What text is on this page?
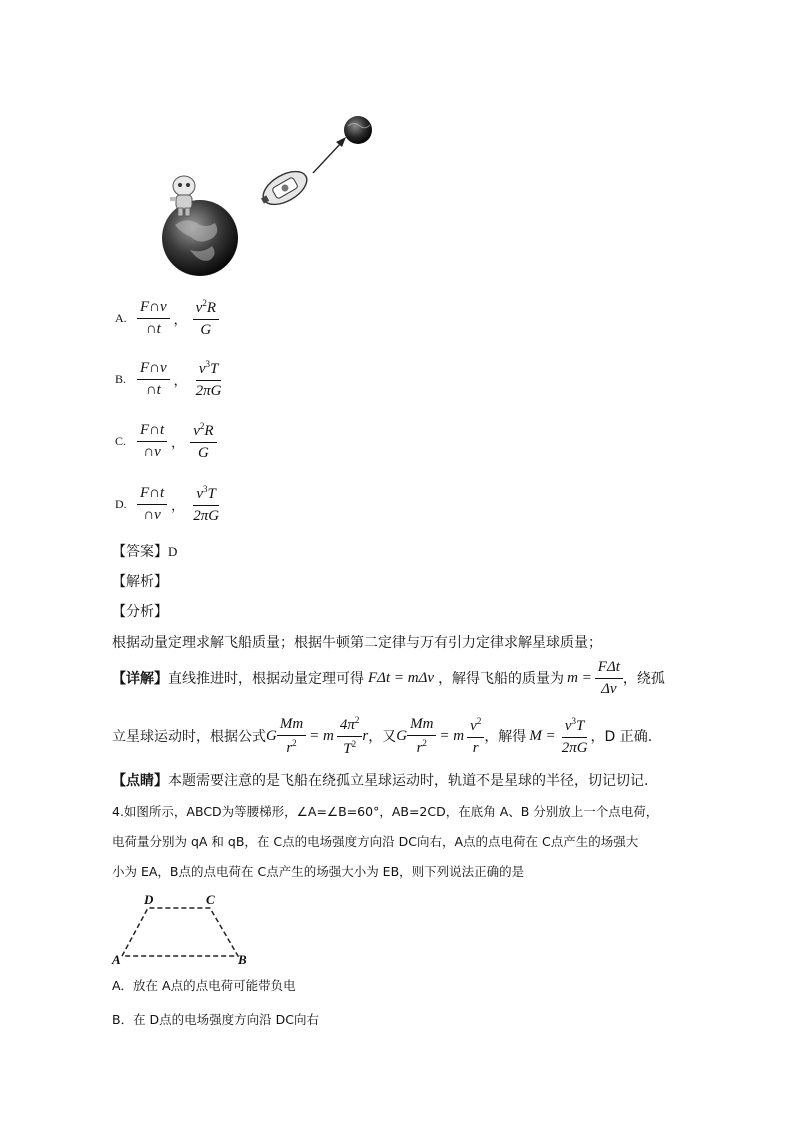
A. $\frac{F\cap v}{\cap t}$ ， $\frac{v^2R}{G}$
B. $\frac{F\cap v}{\cap t}$ ， $\frac{v^3T}{2\pi G}$
C. $\frac{F\cap t}{\cap v}$ ， $\frac{v^2R}{G}$
D. $\frac{F\cap t}{\cap v}$ ， $\frac{v^3T}{2\pi G}$
【答案】D
【解析】
【分析】
根据动量定理求解飞船质量；根据牛顿第二定律与万有引力定律求解星球质量；
【详解】 直线推进时，根据动量定理可得 FΔt = mΔv ，解得飞船的质量为 $m = \frac{\text{FΔt}}{\Delta v}$ ，绕孤
立星球运动时，根据公式 G $\frac{Mm}{r^2} = m \frac{4\pi^2}{T^2}$ r ，又 G $\frac{Mm}{r^2} = m \frac{v^2}{r}$ ，解得 $M = \frac{v^3T}{2\pi G}$ ，D 正确.
【点睛】本题需要注意的是飞船在绕孤立星球运动时，轨道不是星球的半径，切记切记.
4.如图所示，ABCD为等腰梯形，∠A=∠B=60°，AB=2CD，在底角 A、B 分别放上一个点电荷，
电荷量分别为 qA 和 qB，在 C点的电场强度方向沿 DC向右，A点的点电荷在 C点产生的场强大
小为 EA，B点的点电荷在 C点产生的场强大小为 EB，则下列说法正确的是
D	C
A	B
A．放在 A点的点电荷可能带负电
B．在 D点的电场强度方向沿 DC向右
